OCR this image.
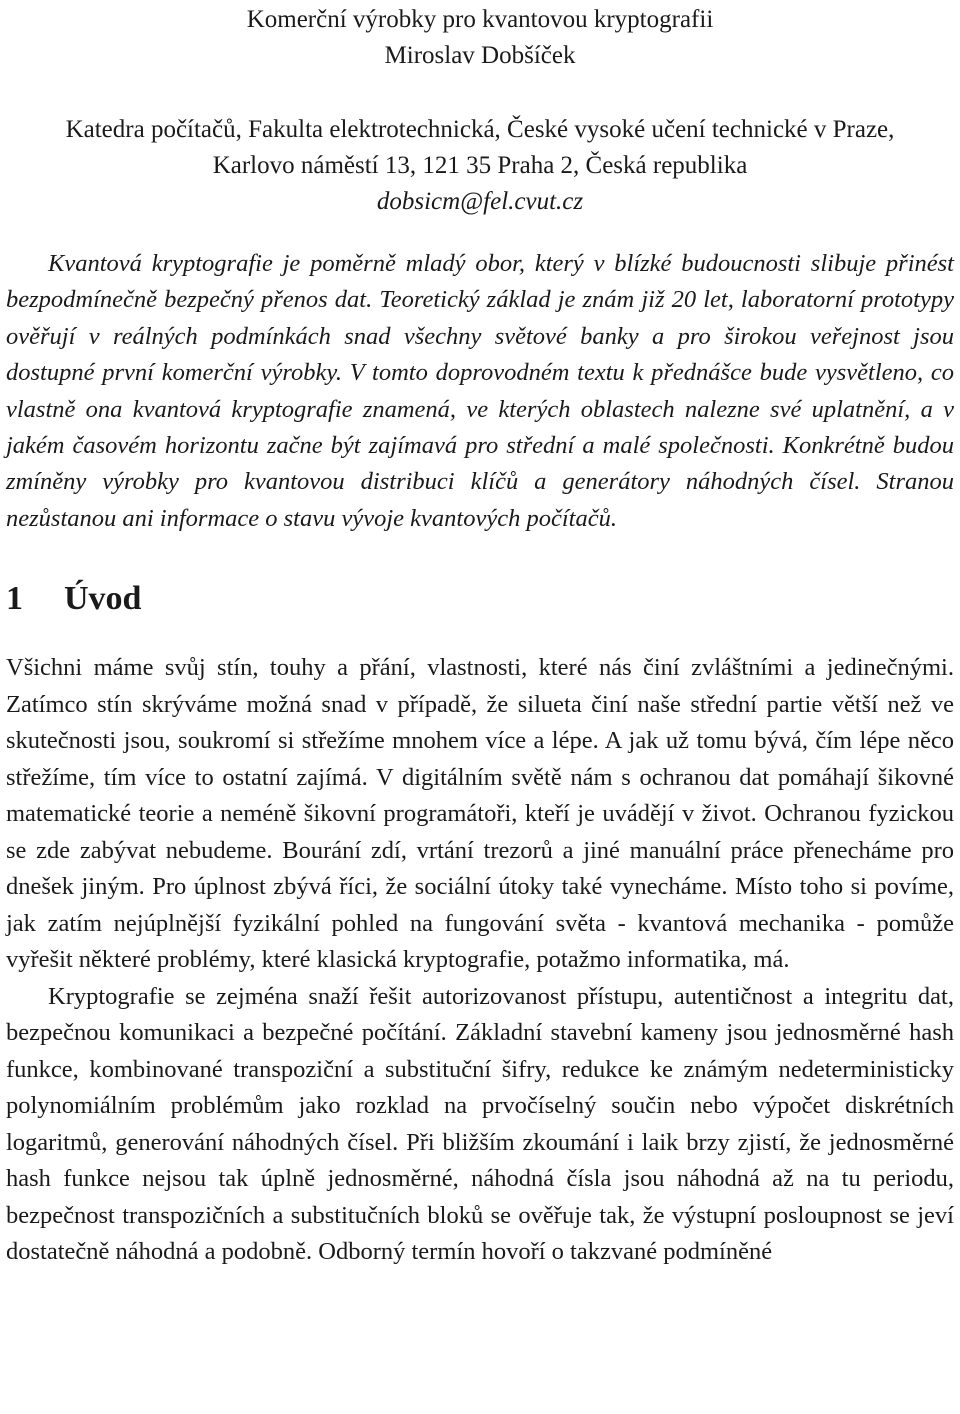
Komerční výrobky pro kvantovou kryptografii
Miroslav Dobšíček
Katedra počítačů, Fakulta elektrotechnická, České vysoké učení technické v Praze,
Karlovo náměstí 13, 121 35 Praha 2, Česká republika
dobsicm@fel.cvut.cz

Kvantová kryptografie je poměrně mladý obor, který v blízké budoucnosti slibuje přinést bezpodmínečně bezpečný přenos dat. Teoretický základ je znám již 20 let, laboratorní prototypy ověřují v reálných podmínkách snad všechny světové banky a pro širokou veřejnost jsou dostupné první komerční výrobky. V tomto doprovodném textu k přednášce bude vysvětleno, co vlastně ona kvantová kryptografie znamená, ve kterých oblastech nalezne své uplatnění, a v jakém časovém horizontu začne být zajímavá pro střední a malé společnosti. Konkrétně budou zmíněny výrobky pro kvantovou distribuci klíčů a generátory náhodných čísel. Stranou nezůstanou ani informace o stavu vývoje kvantových počítačů.

1 Úvod

Všichni máme svůj stín, touhy a přání, vlastnosti, které nás činí zvláštními a jedinečnými. Zatímco stín skrýváme možná snad v případě, že silueta činí naše střední partie větší než ve skutečnosti jsou, soukromí si střežíme mnohem více a lépe. A jak už tomu bývá, čím lépe něco střežíme, tím více to ostatní zajímá. V digitálním světě nám s ochranou dat pomáhají šikovné matematické teorie a neméně šikovní programátoři, kteří je uvádějí v život. Ochranou fyzickou se zde zabývat nebudeme. Bourání zdí, vrtání trezorů a jiné manuální práce přenecháme pro dnešek jiným. Pro úplnost zbývá říci, že sociální útoky také vynecháme. Místo toho si povíme, jak zatím nejúplnější fyzikální pohled na fungování světa - kvantová mechanika - pomůže vyřešit některé problémy, které klasická kryptografie, potažmo informatika, má.

Kryptografie se zejména snaží řešit autorizovanost přístupu, autentičnost a integritu dat, bezpečnou komunikaci a bezpečné počítání. Základní stavební kameny jsou jednosměrné hash funkce, kombinované transpoziční a substituční šifry, redukce ke známým nedeterministicky polynomiálním problémům jako rozklad na prvočíselný součin nebo výpočet diskrétních logaritmů, generování náhodných čísel. Při bližším zkoumání i laik brzy zjistí, že jednosměrné hash funkce nejsou tak úplně jednosměrné, náhodná čísla jsou náhodná až na tu periodu, bezpečnost transpozičních a substitučních bloků se ověřuje tak, že výstupní posloupnost se jeví dostatečně náhodná a podobně. Odborný termín hovoří o takzvané podmíněné
